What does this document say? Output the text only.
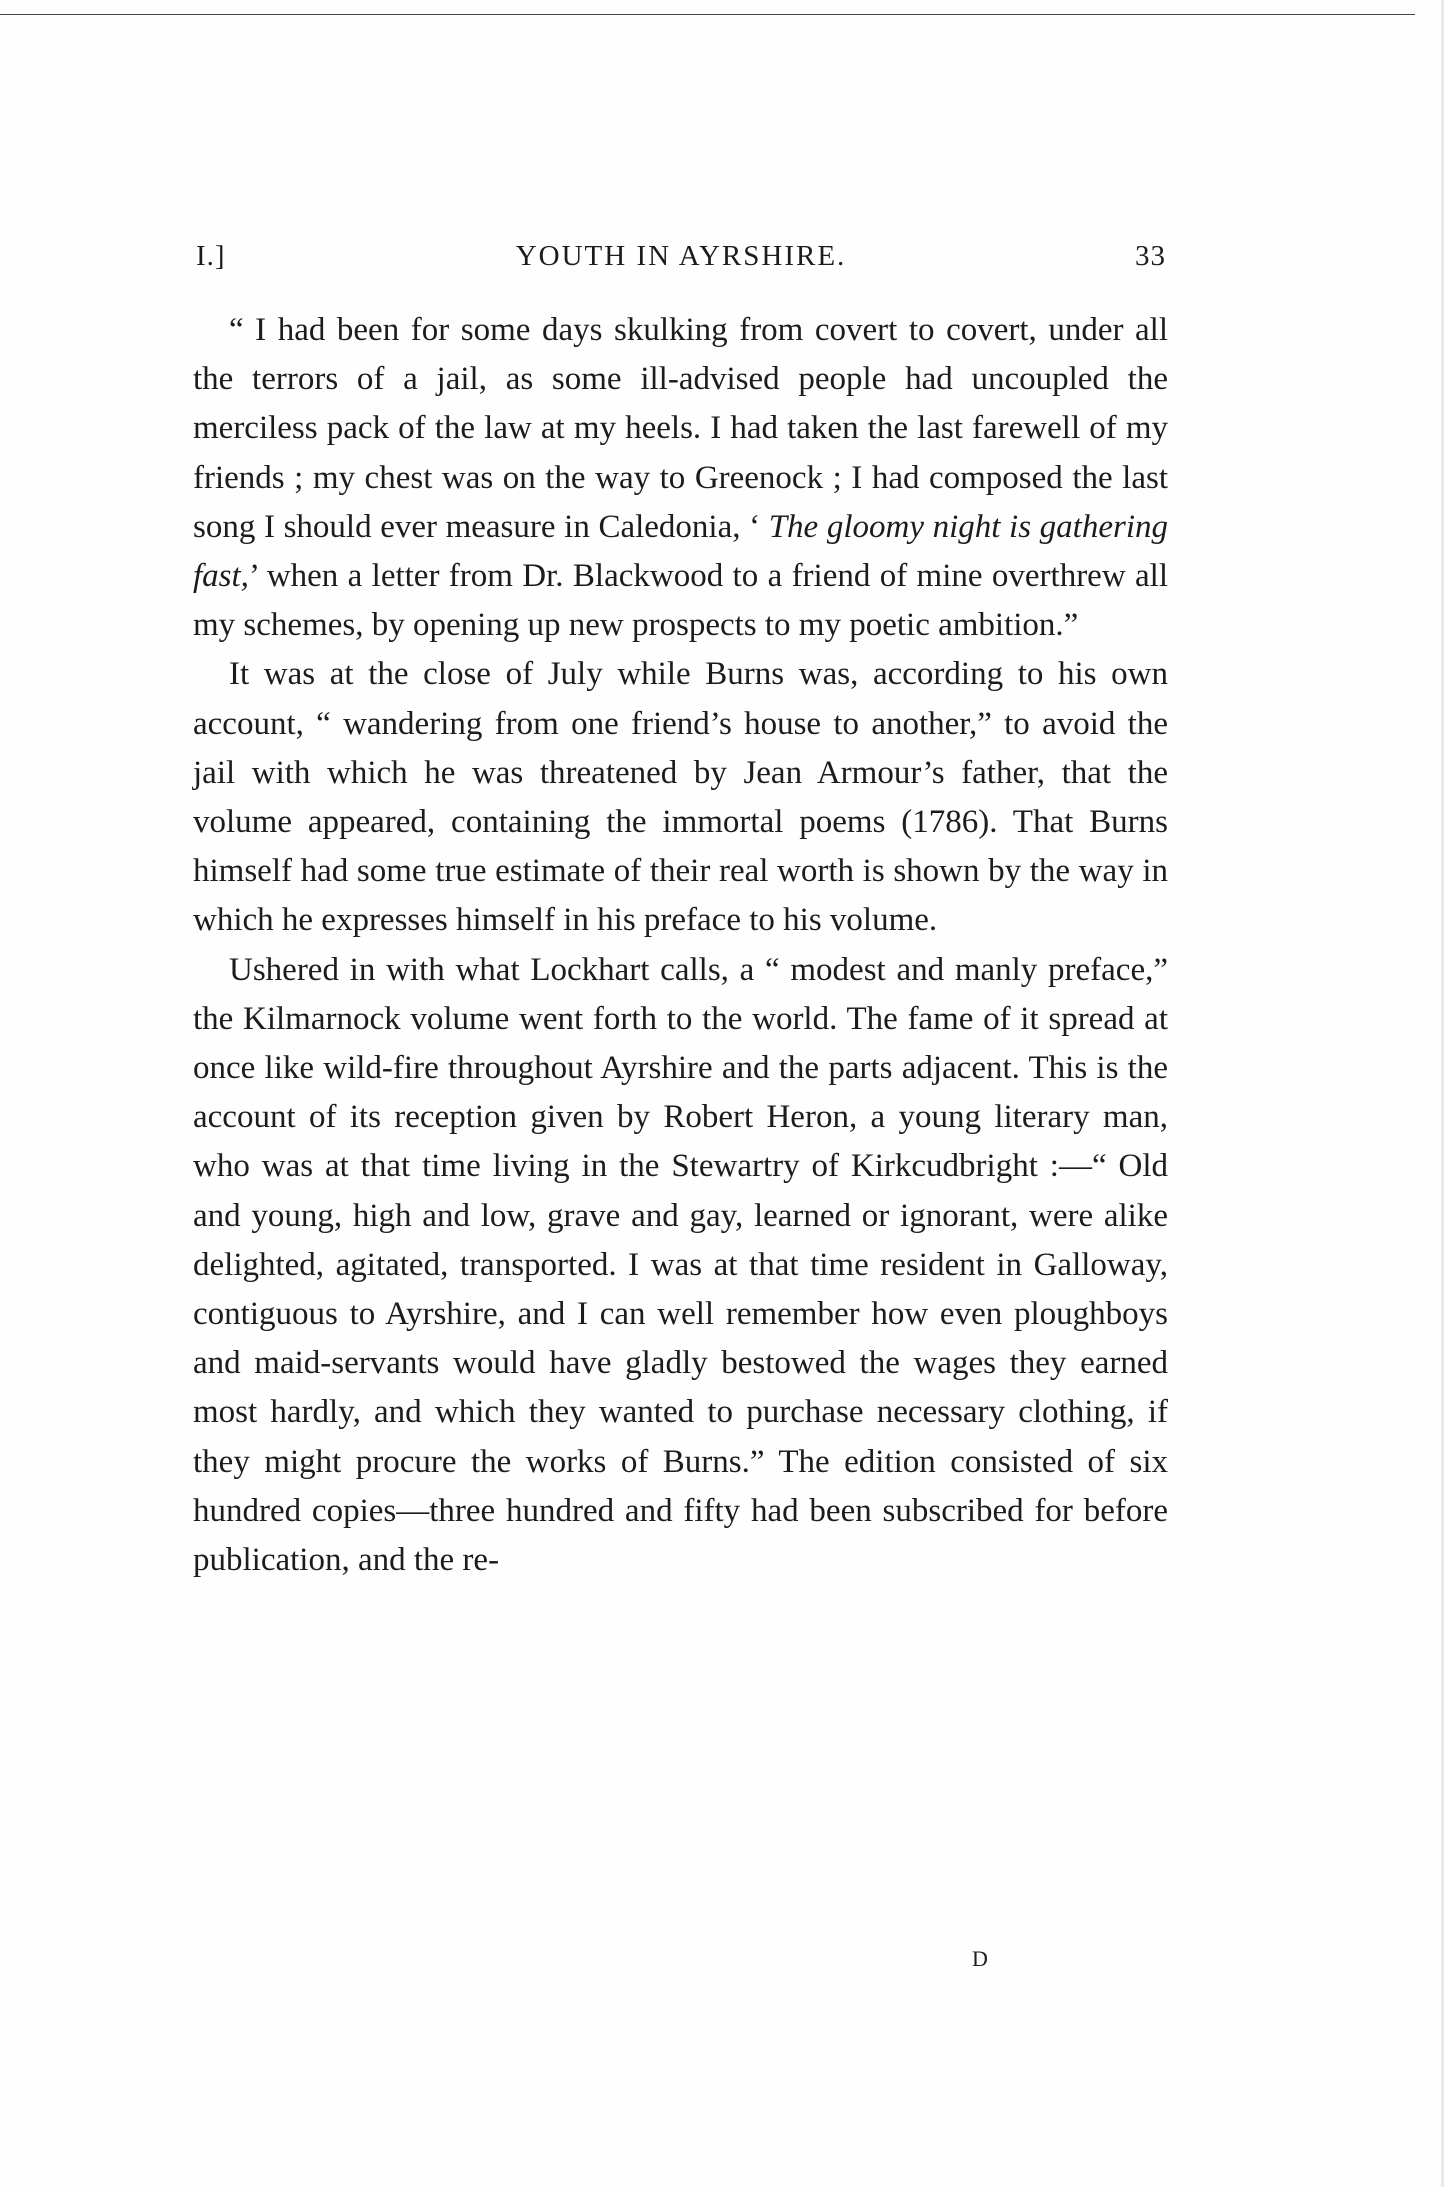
I.]	YOUTH IN AYRSHIRE.	33

“ I had been for some days skulking from covert to covert, under all the terrors of a jail, as some ill-advised people had uncoupled the merciless pack of the law at my heels. I had taken the last farewell of my friends ; my chest was on the way to Greenock ; I had composed the last song I should ever measure in Caledonia, ‘ The gloomy night is gathering fast,’ when a letter from Dr. Blackwood to a friend of mine overthrew all my schemes, by opening up new prospects to my poetic ambition.”

It was at the close of July while Burns was, according to his own account, “ wandering from one friend’s house to another,” to avoid the jail with which he was threatened by Jean Armour’s father, that the volume appeared, containing the immortal poems (1786). That Burns himself had some true estimate of their real worth is shown by the way in which he expresses himself in his preface to his volume.

Ushered in with what Lockhart calls, a “ modest and manly preface,” the Kilmarnock volume went forth to the world. The fame of it spread at once like wild-fire throughout Ayrshire and the parts adjacent. This is the account of its reception given by Robert Heron, a young literary man, who was at that time living in the Stewartry of Kirkcudbright :—“ Old and young, high and low, grave and gay, learned or ignorant, were alike delighted, agitated, transported. I was at that time resident in Galloway, contiguous to Ayrshire, and I can well remember how even ploughboys and maid-servants would have gladly bestowed the wages they earned most hardly, and which they wanted to purchase necessary clothing, if they might procure the works of Burns.” The edition consisted of six hundred copies—three hundred and fifty had been subscribed for before publication, and the re-

D
